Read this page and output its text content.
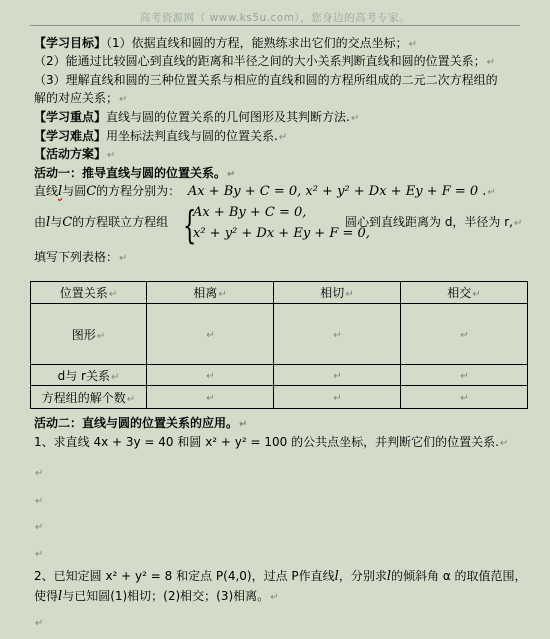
高考资源网（ www.ks5u.com），您身边的高考专家。
【学习目标】（1）依据直线和圆的方程，能熟练求出它们的交点坐标；↵
（2）能通过比较圆心到直线的距离和半径之间的大小关系判断直线和圆的位置关系；↵
（3）理解直线和圆的三种位置关系与相应的直线和圆的方程所组成的二元二次方程组的
解的对应关系；↵
【学习重点】直线与圆的位置关系的几何图形及其判断方法.↵
【学习难点】用坐标法判直线与圆的位置关系.↵
【活动方案】↵
活动一：推导直线与圆的位置关系。↵
直线l与圆C的方程分别为： Ax + By + C = 0, x² + y² + Dx + Ey + F = 0 .↵
由l与C的方程联立方程组 {
Ax + By + C = 0,
x² + y² + Dx + Ey + F = 0,
圆心到直线距离为 d，半径为 r,↵
填写下列表格：↵
位置关系↵	相离↵	相切↵	相交↵
图形↵	↵	↵	↵
d与 r关系↵	↵	↵	↵
方程组的解个数↵	↵	↵	↵
活动二：直线与圆的位置关系的应用。↵
1、求直线 4x + 3y = 40 和圆 x² + y² = 100 的公共点坐标，并判断它们的位置关系.↵
↵
↵
↵
↵
2、已知定圆 x² + y² = 8 和定点 P(4,0)，过点 P作直线l，分别求l的倾斜角 α 的取值范围，
使得l与已知圆(1)相切；(2)相交；(3)相离。↵
↵
